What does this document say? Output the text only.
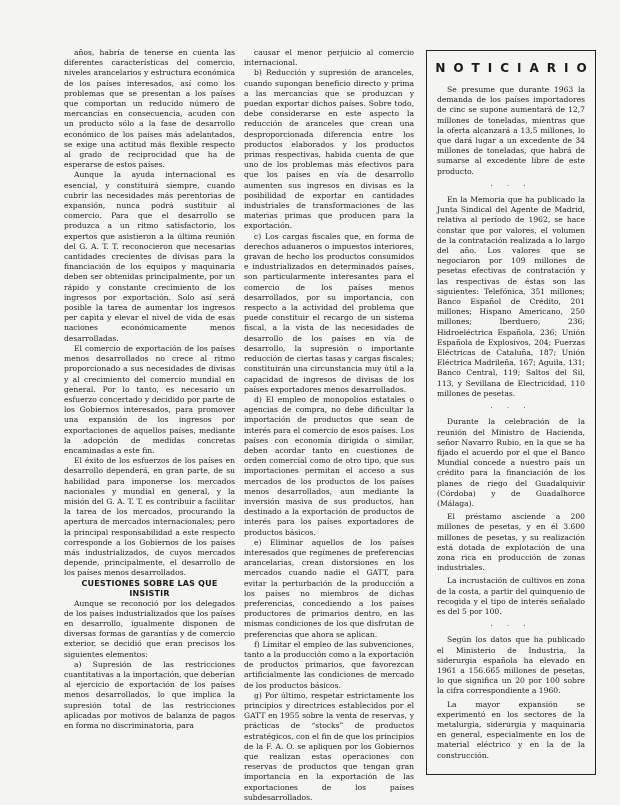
años, habría de tenerse en cuenta las diferentes características del comercio, niveles arancelarios y estructura económica de los países interesados, así como los problemas que se presentan a los países que comportan un reducido número de mercancías en consecuencia, acuden con un producto sólo a la fase de desarrollo económico de los países más adelantados, se exige una actitud más flexible respecto al grado de reciprocidad que ha de esperarse de estos países.

Aunque la ayuda internacional es esencial, y constituirá siempre, cuando cubrir las necesidades más perentorias de expansión, nunca podrá sustituir al comercio. Para que el desarrollo se produzca a un ritmo satisfactorio, los expertos que asistieron a la última reunión del G. A. T. T. reconocieron que necesarias cantidades crecientes de divisas para la financiación de los equipos y maquinaria deben ser obtenidas principalmente, por un rápido y constante crecimiento de los ingresos por exportación. Solo así será posible la tarea de aumentar los ingresos per capita y elevar el nivel de vida de esas naciones económicamente menos desarrolladas.

El comercio de exportación de los países menos desarrollados no crece al ritmo proporcionado a sus necesidades de divisas y al crecimiento del comercio mundial en general. Por lo tanto, es necesario un esfuerzo concertado y decidido por parte de los Gobiernos interesados, para promover una expansión de los ingresos por exportaciones de aquellos países, mediante la adopción de medidas concretas encaminadas a este fin.

El éxito de los esfuerzos de los países en desarrollo dependerá, en gran parte, de su habilidad para imponerse los mercados nacionales y mundial en general, y la misión del G. A. T. T. es contribuir a facilitar la tarea de los mercados, procurando la apertura de mercados internacionales; pero la principal responsabilidad a este respecto corresponde a los Gobiernos de los países más industrializados, de cuyos mercados depende, principalmente, el desarrollo de los países menos desarrollados.

CUESTIONES SOBRE LAS QUE INSISTIR

Aunque se reconoció por los delegados de los países industrializados que los países en desarrollo, igualmente disponen de diversas formas de garantías y de comercio exterior, se decidió que eran precisos los siguientes elementos:

a) Supresión de las restricciones cuantitativas a la importación, que deberían al ejercicio de exportación de los países menos desarrollados, lo que implica la supresión total de las restricciones aplicadas por motivos de balanza de pagos en forma no discriminatoria, para

causar el menor perjuicio al comercio internacional.

b) Reducción y supresión de aranceles, cuando supongan beneficio directo y prima a las mercancías que se produzcan y puedan exportar dichos países. Sobre todo, debe considerarse en este aspecto la reducción de aranceles que crean una desproporcionada diferencia entre los productos elaborados y los productos primas respectivas, habida cuenta de que uno de los problemas más efectivos para que los países en vía de desarrollo aumenten sus ingresos en divisas es la posibilidad de exportar en cantidades industriales de transformaciones de las materias primas que producen para la exportación.

c) Los cargas fiscales que, en forma de derechos aduaneros o impuestos interiores, gravan de hecho los productos consumidos e industrializados en determinados países, son particularmente interesantes para el comercio de los países menos desarrollados, por su importancia, con respecto a la actividad del problema que puede constituir el recargo de un sistema fiscal, a la vista de las necesidades de desarrollo de los países en vía de desarrollo, la supresión o importante reducción de ciertas tasas y cargas fiscales; constituirán una circunstancia muy útil a la capacidad de ingresos de divisas de los países exportadores menos desarrollados.

d) El empleo de monopolios estatales o agencias de compra, no debe dificultar la importación de productos que sean de interés para el comercio de esos países. Los países con economía dirigida o similar, deben acordar tanto en cuestiones de orden comercial como de otro tipo, que sus importaciones permitan el acceso a sus mercados de los productos de los países menos desarrollados, aun mediante la inversión masiva de sus productos, han destinado a la exportación de productos de interés para los países exportadores de productos básicos.

e) Eliminar aquellos de los países interesados que regímenes de preferencias arancelarias, crean distorsiones en los mercados cuando nadie el GATT, para evitar la perturbación de la producción a los países no miembros de dichas preferencias, concediendo a los países productores de primarios dentro, en las mismas condiciones de los que disfrutan de preferencias que ahora se aplican.

f) Limitar el empleo de las subvenciones, tanto a la producción como a la exportación de productos primarios, que favorezcan artificialmente las condiciones de mercado de los productos básicos.

g) Por último, respetar estrictamente los principios y directrices establecidos por el GATT en 1955 sobre la venta de reservas, y prácticas de “stocks” de productos estratégicos, con el fin de que los principios de la F. A. O. se apliquen por los Gobiernos que realizan estas operaciones con reservas de productos que tengan gran importancia en la exportación de las exportaciones de los países subdesarrollados.

NOTICIARIO

Se presume que durante 1963 la demanda de los países importadores de cinc se supone aumentará de 12,7 millones de toneladas, mientras que la oferta alcanzará a 13,5 millones, lo que dará lugar a un excedente de 34 millones de toneladas, que habrá de sumarse al excedente libre de este producto.

· · ·

En la Memoria que ha publicado la Junta Sindical del Agente de Madrid, relativa al período de 1962, se hace constar que por valores, el volumen de la contratación realizada a lo largo del año. Los valores que se negociaron por 109 millones de pesetas efectivas de contratación y las respectivas de éstas son las siguientes: Telefónica, 351 millones; Banco Español de Crédito, 201 millones; Hispano Americano, 250 millones; Iberduero, 236; Hidroeléctrica Española, 236; Unión Española de Explosivos, 204; Fuerzas Eléctricas de Cataluña, 187; Unión Eléctrica Madrileña, 167; Aguila, 131; Banco Central, 119; Saltos del Sil, 113, y Sevillana de Electricidad, 110 millones de pesetas.

· · ·

Durante la celebración de la reunión del Ministro de Hacienda, señor Navarro Rubio, en la que se ha fijado el acuerdo por el que el Banco Mundial concede a nuestro país un crédito para la financiación de los planes de riego del Guadalquivir (Córdoba) y de Guadalhorce (Málaga).

El préstamo asciende a 200 millones de pesetas, y en él 3.600 millones de pesetas, y su realización está dotada de explotación de una zona rica en producción de zonas industriales.

La incrustación de cultivos en zona de la costa, a partir del quinquenio de recogida y el tipo de interés señalado es del 5 por 100.

· · ·

Según los datos que ha publicado el Ministerio de Industria, la siderurgia española ha elevado en 1961 a 156.665 millones de pesetas, lo que significa un 20 por 100 sobre la cifra correspondiente a 1960.

La mayor expansión se experimentó en los sectores de la metalurgia, siderurgia y maquinaria en general, especialmente en los de material eléctrico y en la de la construcción.
